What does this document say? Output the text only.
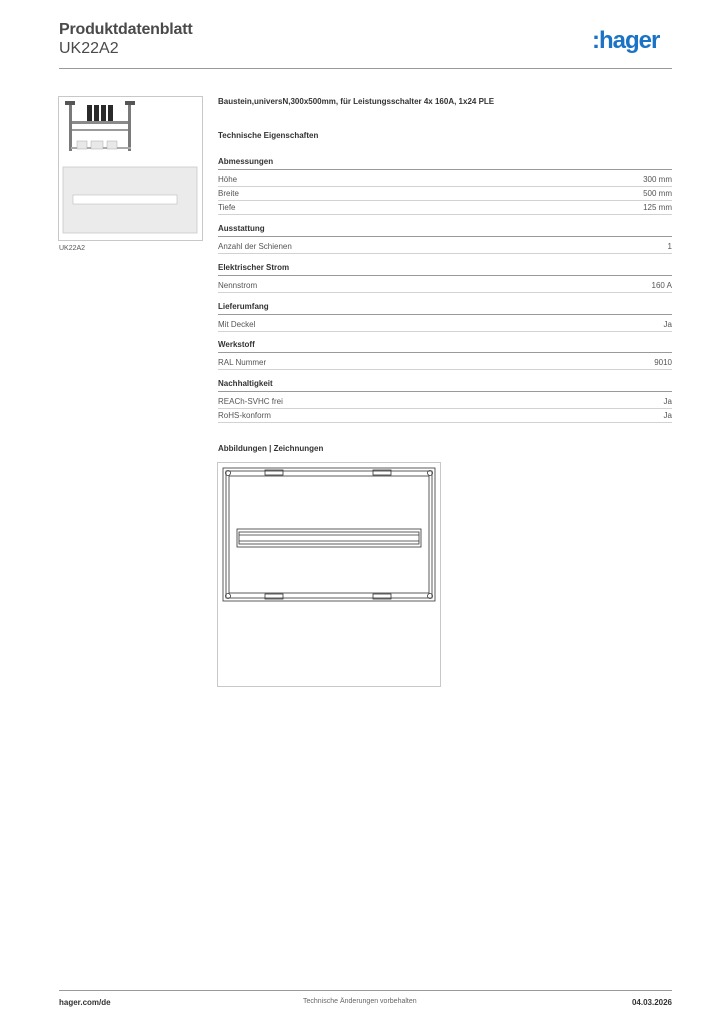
Produktdatenblatt
UK22A2	:hager
UK22A2
Baustein,universN,300x500mm, für Leistungsschalter 4x 160A, 1x24 PLE
Technische Eigenschaften
Abmessungen
Höhe	300 mm
Breite	500 mm
Tiefe	125 mm
Ausstattung
Anzahl der Schienen	1
Elektrischer Strom
Nennstrom	160 A
Lieferumfang
Mit Deckel	Ja
Werkstoff
RAL Nummer	9010
Nachhaltigkeit
REACh-SVHC frei	Ja
RoHS-konform	Ja
Abbildungen | Zeichnungen
hager.com/de	Technische Änderungen vorbehalten	04.03.2026
